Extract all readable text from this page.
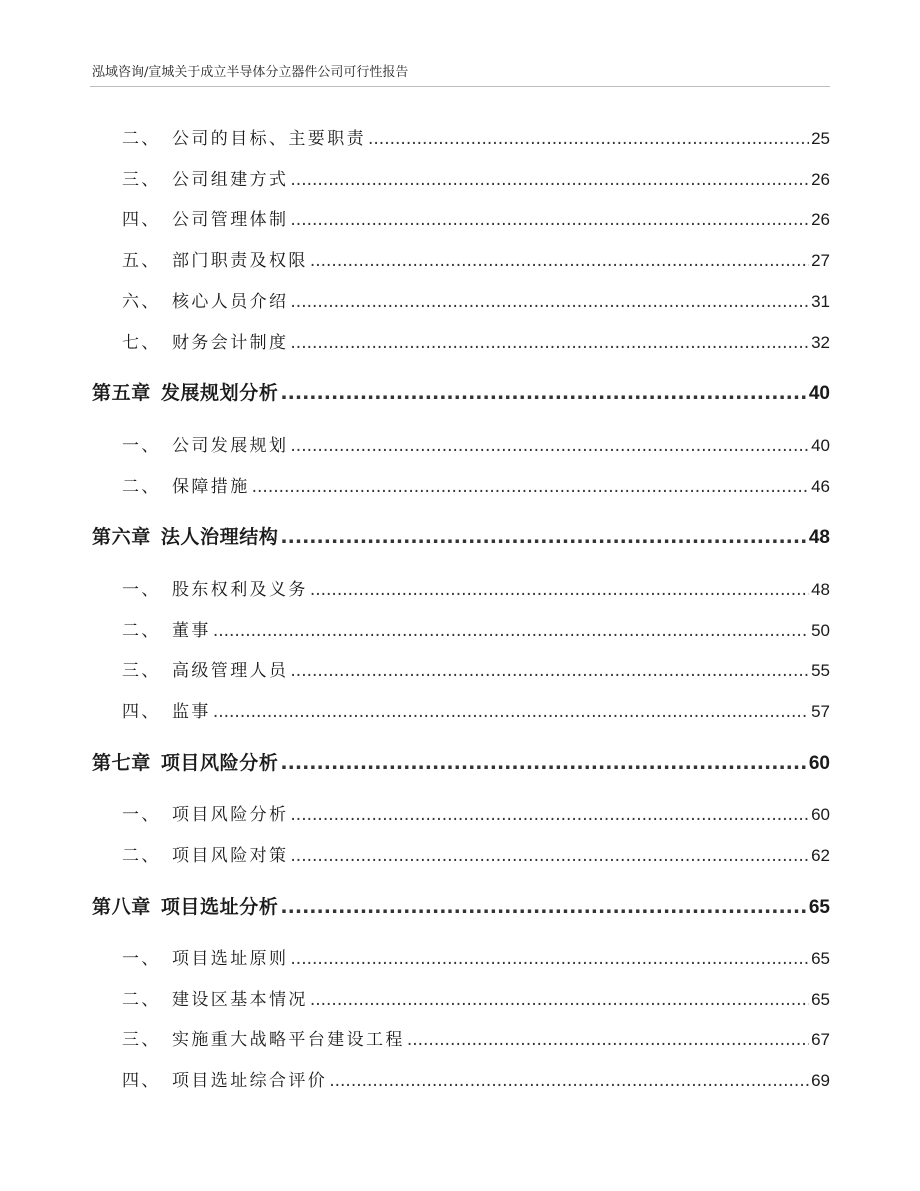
泓域咨询/宣城关于成立半导体分立器件公司可行性报告
二、 公司的目标、主要职责 .....	25
三、 公司组建方式 .....	26
四、 公司管理体制 .....	26
五、 部门职责及权限 .....	27
六、 核心人员介绍 .....	31
七、 财务会计制度 .....	32
第五章 发展规划分析 .....	40
一、 公司发展规划 .....	40
二、 保障措施 .....	46
第六章 法人治理结构 .....	48
一、 股东权利及义务 .....	48
二、 董事 .....	50
三、 高级管理人员 .....	55
四、 监事 .....	57
第七章 项目风险分析 .....	60
一、 项目风险分析 .....	60
二、 项目风险对策 .....	62
第八章 项目选址分析 .....	65
一、 项目选址原则 .....	65
二、 建设区基本情况 .....	65
三、 实施重大战略平台建设工程 .....	67
四、 项目选址综合评价 .....	69
